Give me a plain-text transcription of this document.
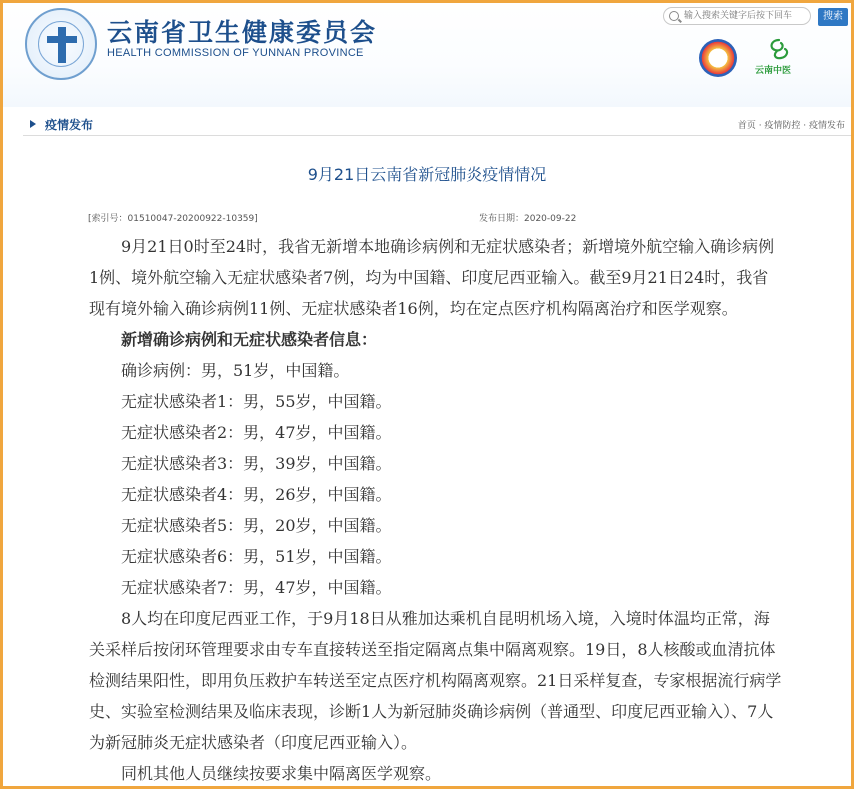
云南省卫生健康委员会
HEALTH COMMISSION OF YUNNAN PROVINCE
输入搜索关键字后按下回车
搜索
云南中医
疫情发布	首页 · 疫情防控 · 疫情发布
9月21日云南省新冠肺炎疫情情况
[索引号：01510047-20200922-10359]	发布日期：2020-09-22

9月21日0时至24时，我省无新增本地确诊病例和无症状感染者；新增境外航空输入确诊病例1例、境外航空输入无症状感染者7例，均为中国籍、印度尼西亚输入。截至9月21日24时，我省现有境外输入确诊病例11例、无症状感染者16例，均在定点医疗机构隔离治疗和医学观察。

新增确诊病例和无症状感染者信息：

确诊病例：男，51岁，中国籍。

无症状感染者1：男，55岁，中国籍。

无症状感染者2：男，47岁，中国籍。

无症状感染者3：男，39岁，中国籍。

无症状感染者4：男，26岁，中国籍。

无症状感染者5：男，20岁，中国籍。

无症状感染者6：男，51岁，中国籍。

无症状感染者7：男，47岁，中国籍。

8人均在印度尼西亚工作，于9月18日从雅加达乘机自昆明机场入境，入境时体温均正常，海关采样后按闭环管理要求由专车直接转送至指定隔离点集中隔离观察。19日，8人核酸或血清抗体检测结果阳性，即用负压救护车转送至定点医疗机构隔离观察。21日采样复查，专家根据流行病学史、实验室检测结果及临床表现，诊断1人为新冠肺炎确诊病例（普通型、印度尼西亚输入）、7人为新冠肺炎无症状感染者（印度尼西亚输入）。

同机其他人员继续按要求集中隔离医学观察。
